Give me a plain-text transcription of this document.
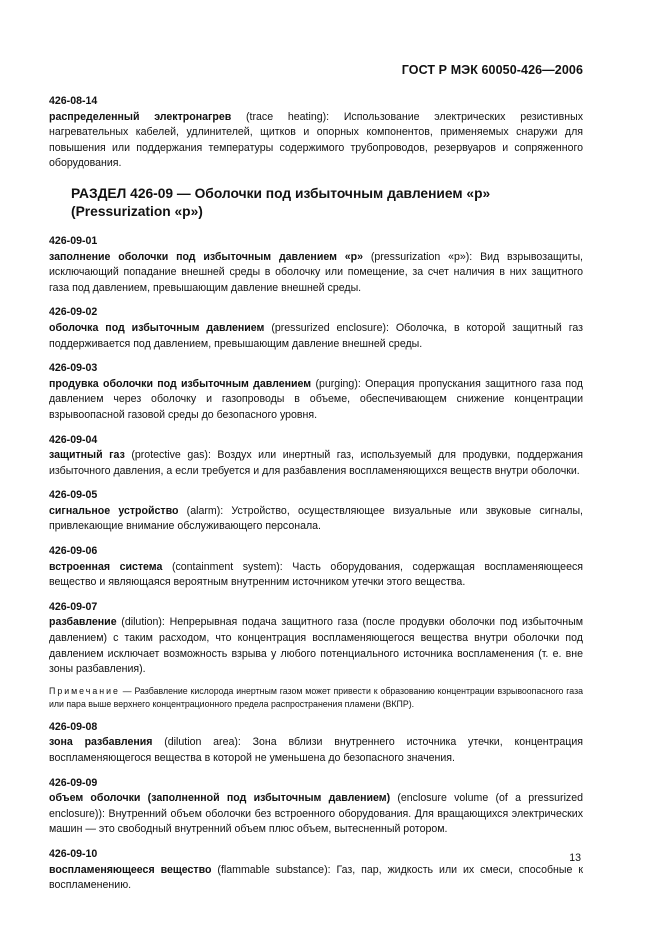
ГОСТ Р МЭК 60050-426—2006

426-08-14

распределенный электронагрев (trace heating): Использование электрических резистивных нагревательных кабелей, удлинителей, щитков и опорных компонентов, применяемых снаружи для повышения или поддержания температуры содержимого трубопроводов, резервуаров и сопряженного оборудования.

РАЗДЕЛ 426-09 — Оболочки под избыточным давлением «р»
(Pressurization «р»)

426-09-01

заполнение оболочки под избыточным давлением «р» (pressurization «р»): Вид взрывозащиты, исключающий попадание внешней среды в оболочку или помещение, за счет наличия в них защитного газа под давлением, превышающим давление внешней среды.

426-09-02

оболочка под избыточным давлением (pressurized enclosure): Оболочка, в которой защитный газ поддерживается под давлением, превышающим давление внешней среды.

426-09-03

продувка оболочки под избыточным давлением (purging): Операция пропускания защитного газа под давлением через оболочку и газопроводы в объеме, обеспечивающем снижение концентрации взрывоопасной газовой среды до безопасного уровня.

426-09-04

защитный газ (protective gas): Воздух или инертный газ, используемый для продувки, поддержания избыточного давления, а если требуется и для разбавления воспламеняющихся веществ внутри оболочки.

426-09-05

сигнальное устройство (alarm): Устройство, осуществляющее визуальные или звуковые сигналы, привлекающие внимание обслуживающего персонала.

426-09-06

встроенная система (containment system): Часть оборудования, содержащая воспламеняющееся вещество и являющаяся вероятным внутренним источником утечки этого вещества.

426-09-07

разбавление (dilution): Непрерывная подача защитного газа (после продувки оболочки под избыточным давлением) с таким расходом, что концентрация воспламеняющегося вещества внутри оболочки под давлением исключает возможность взрыва у любого потенциального источника воспламенения (т. е. вне зоны разбавления).

Примечание — Разбавление кислорода инертным газом может привести к образованию концентрации взрывоопасного газа или пара выше верхнего концентрационного предела распространения пламени (ВКПР).

426-09-08

зона разбавления (dilution area): Зона вблизи внутреннего источника утечки, концентрация воспламеняющегося вещества в которой не уменьшена до безопасного значения.

426-09-09

объем оболочки (заполненной под избыточным давлением) (enclosure volume (of a pressurized enclosure)): Внутренний объем оболочки без встроенного оборудования. Для вращающихся электрических машин — это свободный внутренний объем плюс объем, вытесненный ротором.

426-09-10

воспламеняющееся вещество (flammable substance): Газ, пар, жидкость или их смеси, способные к воспламенению.

13
